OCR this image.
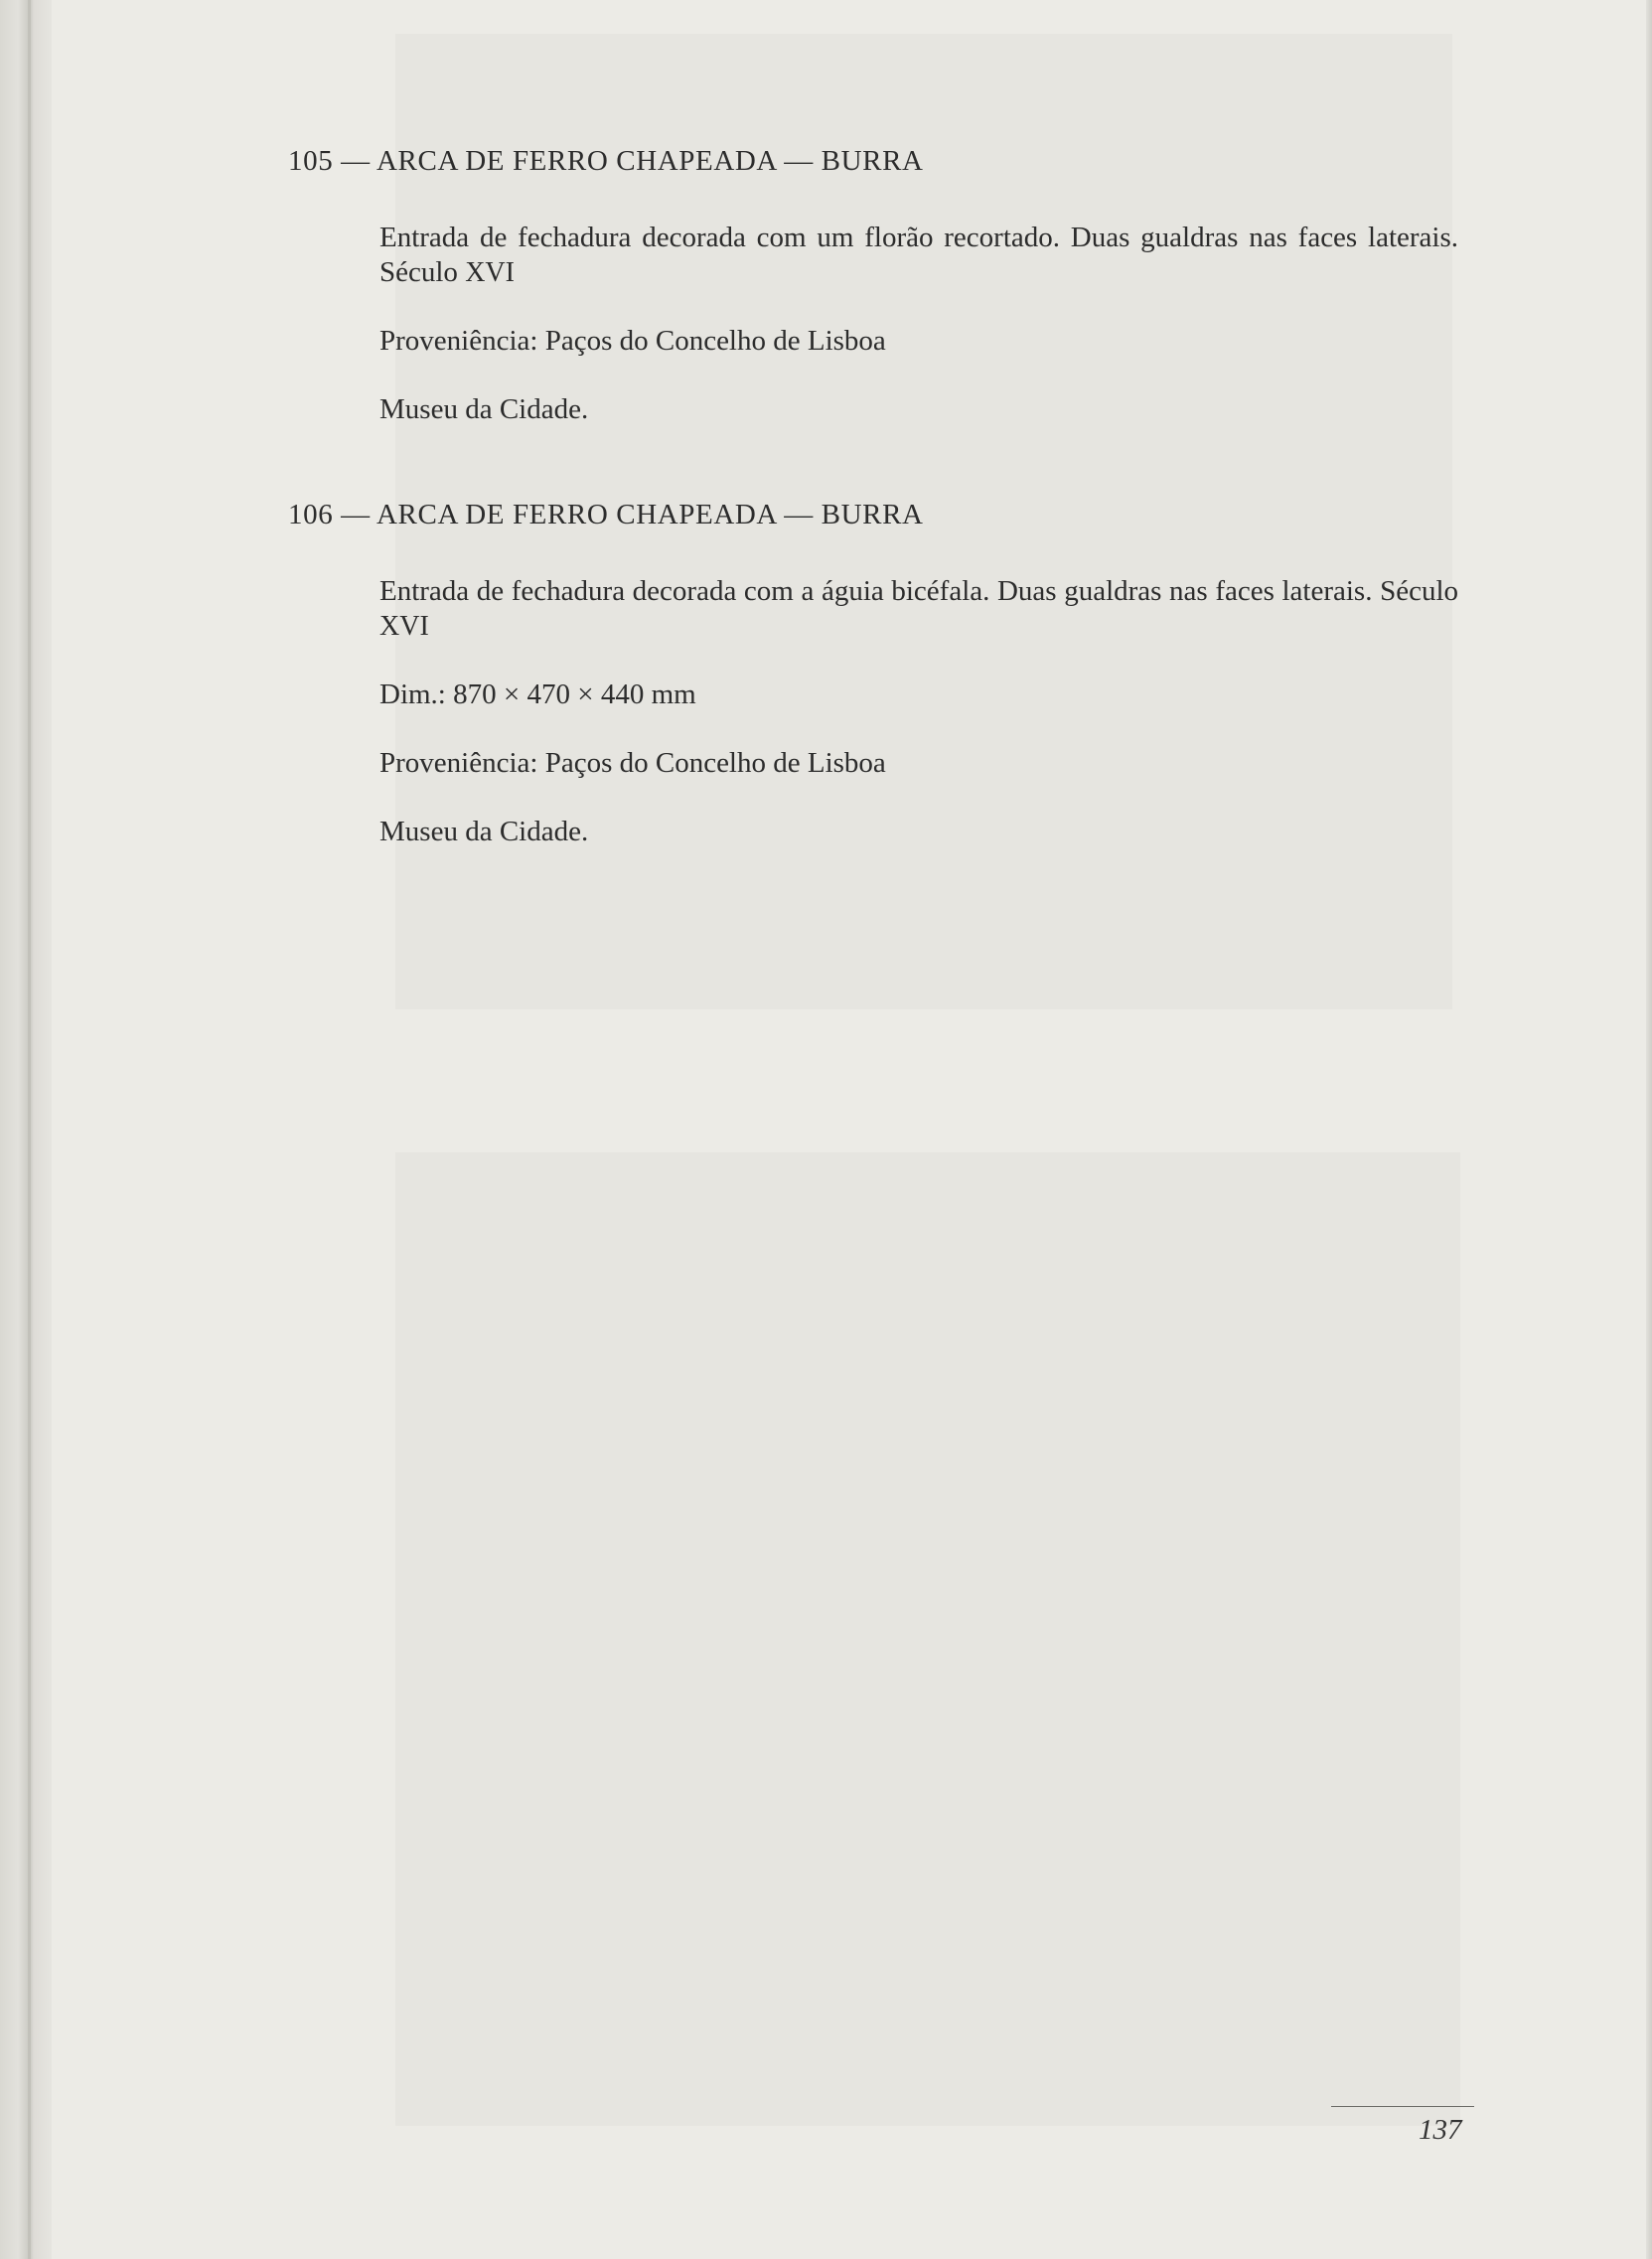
105 — ARCA DE FERRO CHAPEADA — BURRA

Entrada de fechadura decorada com um florão recortado. Duas gualdras nas faces laterais. Século XVI

Proveniência: Paços do Concelho de Lisboa

Museu da Cidade.

106 — ARCA DE FERRO CHAPEADA — BURRA

Entrada de fechadura decorada com a águia bicéfala. Duas gualdras nas faces laterais. Século XVI

Dim.: 870 × 470 × 440 mm

Proveniência: Paços do Concelho de Lisboa

Museu da Cidade.

137
